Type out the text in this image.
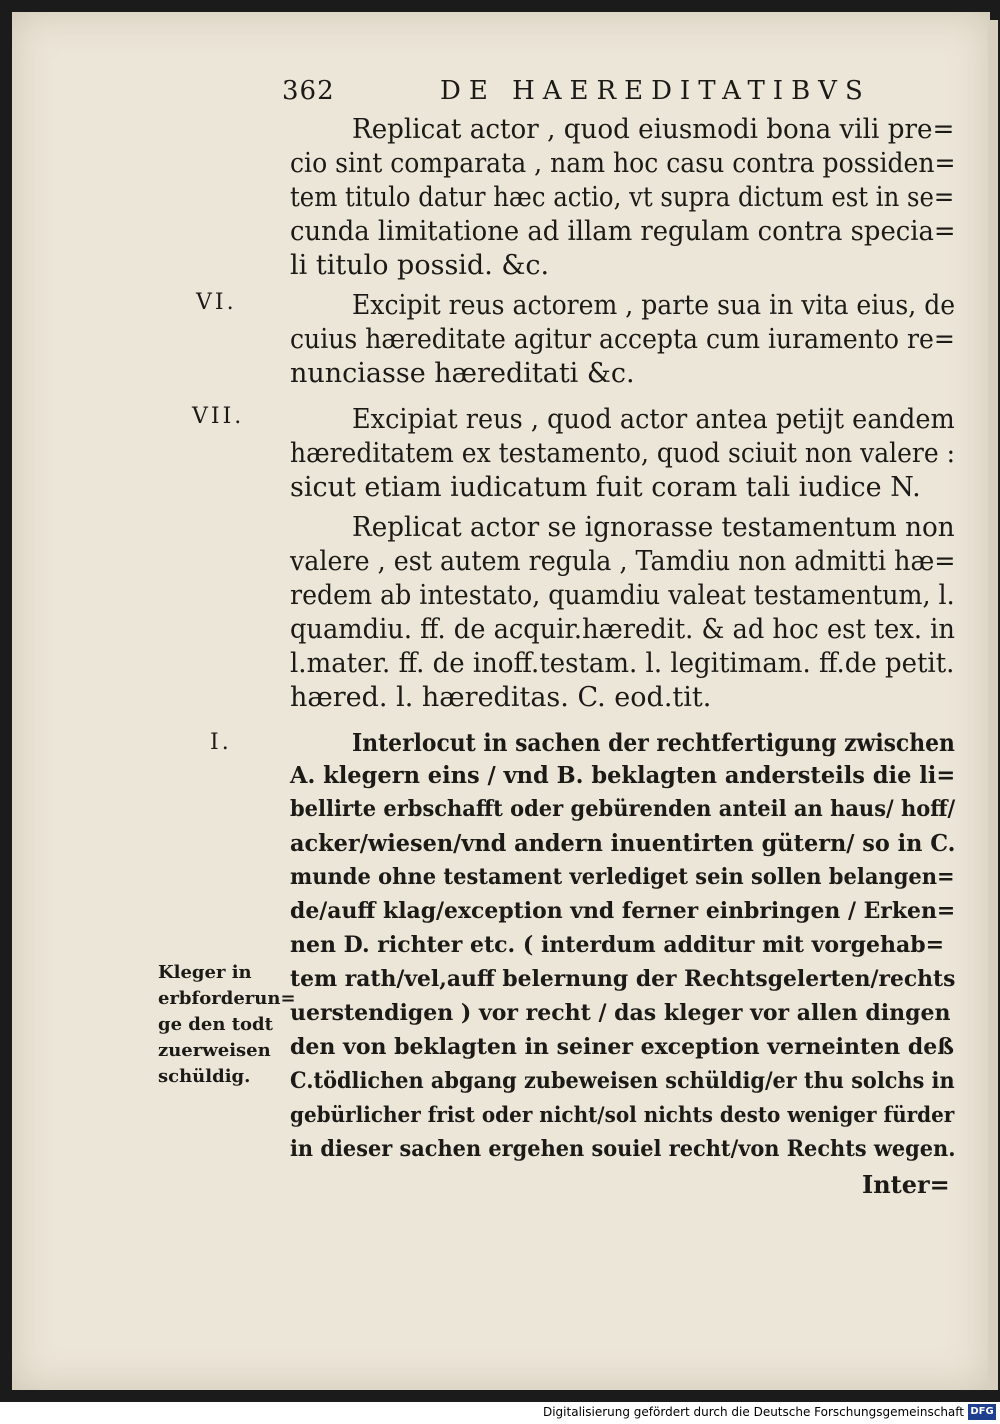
362	DE HAEREDITATIBVS
VI.
VII.
I.
Kleger in
erbforderun=
ge den todt
zuerweisen
schüldig.
Replicat actor , quod eiusmodi bona vili pre=
cio sint comparata , nam hoc casu contra possiden=
tem titulo datur hæc actio, vt supra dictum est in se=
cunda limitatione ad illam regulam contra specia=
li titulo possid. &c.
Excipit reus actorem , parte sua in vita eius, de
cuius hæreditate agitur accepta cum iuramento re=
nunciasse hæreditati &c.
Excipiat reus , quod actor antea petijt eandem
hæreditatem ex testamento, quod sciuit non valere :
sicut etiam iudicatum fuit coram tali iudice N.
Replicat actor se ignorasse testamentum non
valere , est autem regula , Tamdiu non admitti hæ=
redem ab intestato, quamdiu valeat testamentum, l.
quamdiu. ff. de acquir.hæredit. & ad hoc est tex. in
l.mater. ff. de inoff.testam. l. legitimam. ff.de petit.
hæred. l. hæreditas. C. eod.tit.
Interlocut in sachen der rechtfertigung zwischen
A. klegern eins / vnd B. beklagten andersteils die li=
bellirte erbschafft oder gebürenden anteil an haus/ hoff/
acker/wiesen/vnd andern inuentirten gütern/ so in C.
munde ohne testament verlediget sein sollen belangen=
de/auff klag/exception vnd ferner einbringen / Erken=
nen D. richter etc. ( interdum additur mit vorgehab=
tem rath/vel,auff belernung der Rechtsgelerten/rechts
uerstendigen ) vor recht / das kleger vor allen dingen
den von beklagten in seiner exception verneinten deß
C.tödlichen abgang zubeweisen schüldig/er thu solchs in
gebürlicher frist oder nicht/sol nichts desto weniger fürder
in dieser sachen ergehen souiel recht/von Rechts wegen.
Inter=
Digitalisierung gefördert durch die Deutsche Forschungsgemeinschaft DFG
